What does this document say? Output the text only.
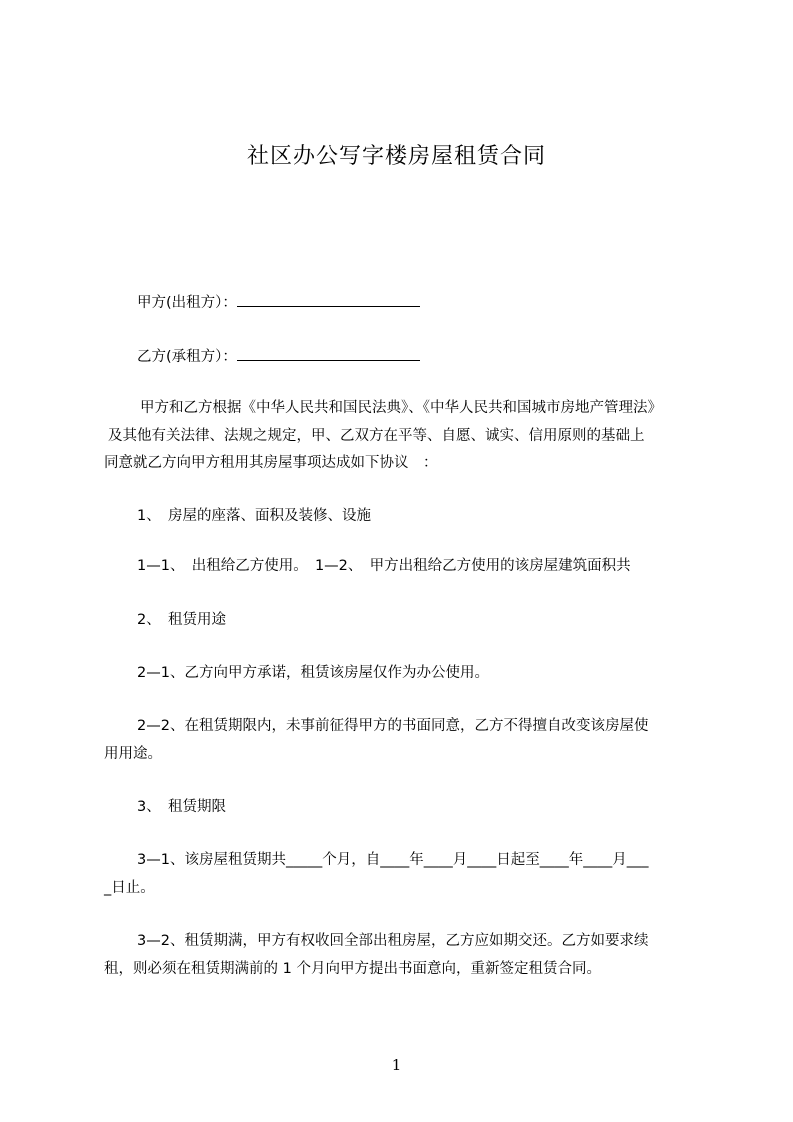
社区办公写字楼房屋租赁合同
甲方(出租方）：
乙方(承租方）：
甲方和乙方根据《中华人民共和国民法典》、《中华人民共和国城市房地产管理法》
及其他有关法律、法规之规定，甲、乙双方在平等、自愿、诚实、信用原则的基础上
同意就乙方向甲方租用其房屋事项达成如下协议　：
1、　房屋的座落、面积及装修、设施
1—1、　出租给乙方使用。　1—2、　甲方出租给乙方使用的该房屋建筑面积共
2、　租赁用途
2—1、乙方向甲方承诺，租赁该房屋仅作为办公使用。
2—2、在租赁期限内，未事前征得甲方的书面同意，乙方不得擅自改变该房屋使
用用途。
3、　租赁期限
3—1、该房屋租赁期共_____个月，自____年____月____日起至____年____月___
_日止。
3—2、租赁期满，甲方有权收回全部出租房屋，乙方应如期交还。乙方如要求续
租，则必须在租赁期满前的 1 个月向甲方提出书面意向，重新签定租赁合同。
1
